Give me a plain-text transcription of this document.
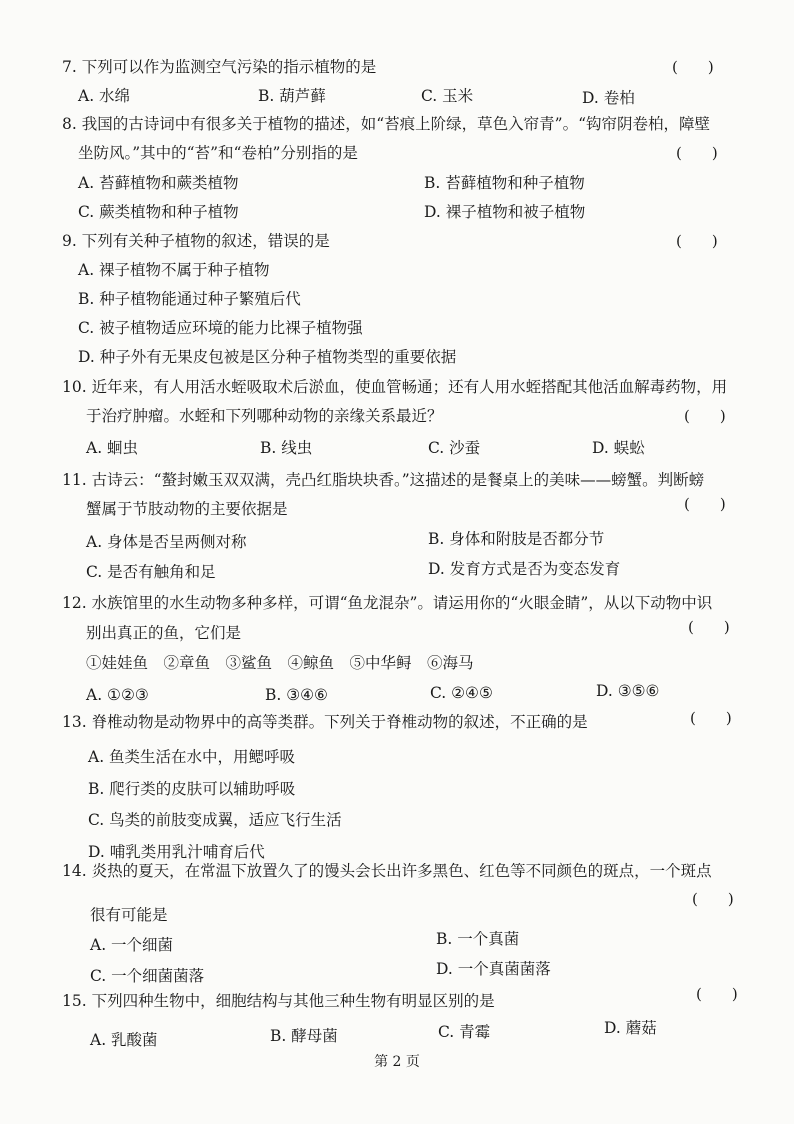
7. 下列可以作为监测空气污染的指示植物的是	(　　)
A. 水绵	B. 葫芦藓	C. 玉米	D. 卷柏
8. 我国的古诗词中有很多关于植物的描述，如“苔痕上阶绿，草色入帘青”。“钩帘阴卷柏，障壁
坐防风。”其中的“苔”和“卷柏”分别指的是	(　　)
A. 苔藓植物和蕨类植物	B. 苔藓植物和种子植物
C. 蕨类植物和种子植物	D. 裸子植物和被子植物
9. 下列有关种子植物的叙述，错误的是	(　　)
A. 裸子植物不属于种子植物
B. 种子植物能通过种子繁殖后代
C. 被子植物适应环境的能力比裸子植物强
D. 种子外有无果皮包被是区分种子植物类型的重要依据
10. 近年来，有人用活水蛭吸取术后淤血，使血管畅通；还有人用水蛭搭配其他活血解毒药物，用
于治疗肿瘤。水蛭和下列哪种动物的亲缘关系最近？	(　　)
A. 蛔虫	B. 线虫	C. 沙蚕	D. 蜈蚣
11. 古诗云：“螯封嫩玉双双满，壳凸红脂块块香。”这描述的是餐桌上的美味——螃蟹。判断螃
蟹属于节肢动物的主要依据是	(　　)
A. 身体是否呈两侧对称	B. 身体和附肢是否都分节
C. 是否有触角和足	D. 发育方式是否为变态发育
12. 水族馆里的水生动物多种多样，可谓“鱼龙混杂”。请运用你的“火眼金睛”，从以下动物中识
别出真正的鱼，它们是	(　　)
①娃娃鱼　②章鱼　③鲨鱼　④鲸鱼　⑤中华鲟　⑥海马
A. ①②③	B. ③④⑥	C. ②④⑤	D. ③⑤⑥
13. 脊椎动物是动物界中的高等类群。下列关于脊椎动物的叙述，不正确的是	(　　)
A. 鱼类生活在水中，用鳃呼吸
B. 爬行类的皮肤可以辅助呼吸
C. 鸟类的前肢变成翼，适应飞行生活
D. 哺乳类用乳汁哺育后代
14. 炎热的夏天，在常温下放置久了的馒头会长出许多黑色、红色等不同颜色的斑点，一个斑点
很有可能是
(　　)
A. 一个细菌	B. 一个真菌
C. 一个细菌菌落	D. 一个真菌菌落
15. 下列四种生物中，细胞结构与其他三种生物有明显区别的是	(　　)
A. 乳酸菌	B. 酵母菌	C. 青霉	D. 蘑菇
第 2 页
